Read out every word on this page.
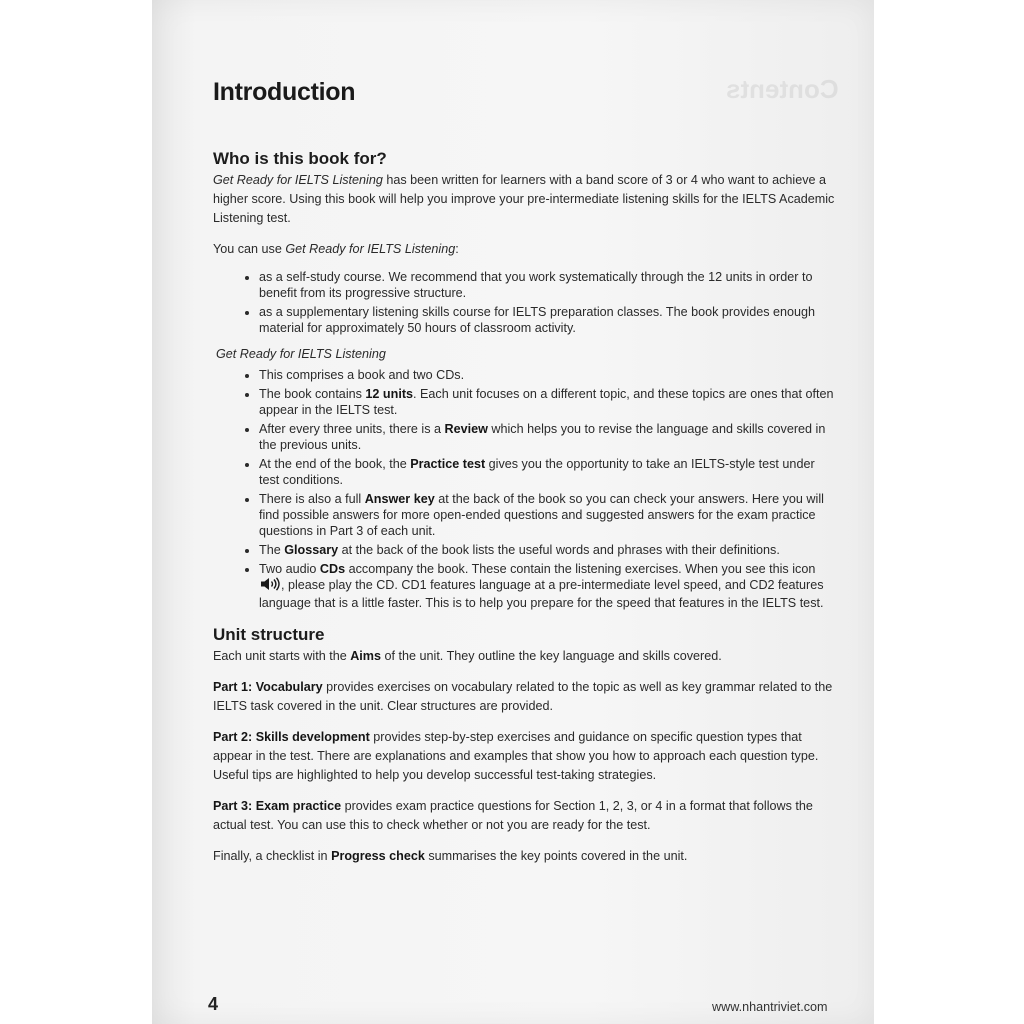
Contents
Introduction
Who is this book for?

Get Ready for IELTS Listening has been written for learners with a band score of 3 or 4 who want to achieve a higher score. Using this book will help you improve your pre-intermediate listening skills for the IELTS Academic Listening test.

You can use Get Ready for IELTS Listening:

• as a self-study course. We recommend that you work systematically through the 12 units in order to benefit from its progressive structure.
• as a supplementary listening skills course for IELTS preparation classes. The book provides enough material for approximately 50 hours of classroom activity.

Get Ready for IELTS Listening

• This comprises a book and two CDs.
• The book contains 12 units. Each unit focuses on a different topic, and these topics are ones that often appear in the IELTS test.
• After every three units, there is a Review which helps you to revise the language and skills covered in the previous units.
• At the end of the book, the Practice test gives you the opportunity to take an IELTS-style test under test conditions.
• There is also a full Answer key at the back of the book so you can check your answers. Here you will find possible answers for more open-ended questions and suggested answers for the exam practice questions in Part 3 of each unit.
• The Glossary at the back of the book lists the useful words and phrases with their definitions.
• Two audio CDs accompany the book. These contain the listening exercises. When you see this icon , please play the CD. CD1 features language at a pre-intermediate level speed, and CD2 features language that is a little faster. This is to help you prepare for the speed that features in the IELTS test.
Unit structure

Each unit starts with the Aims of the unit. They outline the key language and skills covered.

Part 1: Vocabulary provides exercises on vocabulary related to the topic as well as key grammar related to the IELTS task covered in the unit. Clear structures are provided.

Part 2: Skills development provides step-by-step exercises and guidance on specific question types that appear in the test. There are explanations and examples that show you how to approach each question type. Useful tips are highlighted to help you develop successful test-taking strategies.

Part 3: Exam practice provides exam practice questions for Section 1, 2, 3, or 4 in a format that follows the actual test. You can use this to check whether or not you are ready for the test.

Finally, a checklist in Progress check summarises the key points covered in the unit.

4	www.nhantriviet.com
